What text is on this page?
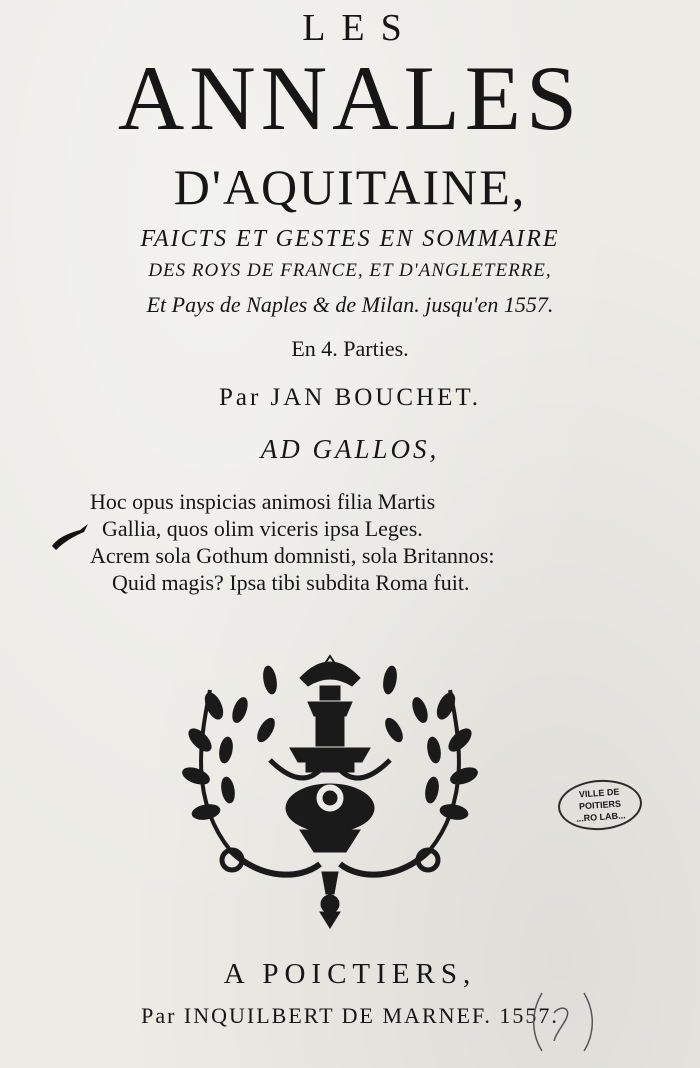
LES
ANNALES
D'AQUITAINE,
FAICTS ET GESTES EN SOMMAIRE
DES ROYS DE FRANCE, ET D'ANGLETERRE,
Et Pays de Naples & de Milan. jusqu'en 1557.
En 4. Parties.
Par JAN BOUCHET.
AD GALLOS,
Hoc opus inspicias animosi filia Martis
Gallia, quos olim viceris ipsa Leges.
Acrem sola Gothum domnisti, sola Britannos:
Quid magis? Ipsa tibi subdita Roma fuit.
VILLE DE POITIERS
...RO LAB...
A POICTIERS,
Par INQUILBERT DE MARNEF. 1557.
